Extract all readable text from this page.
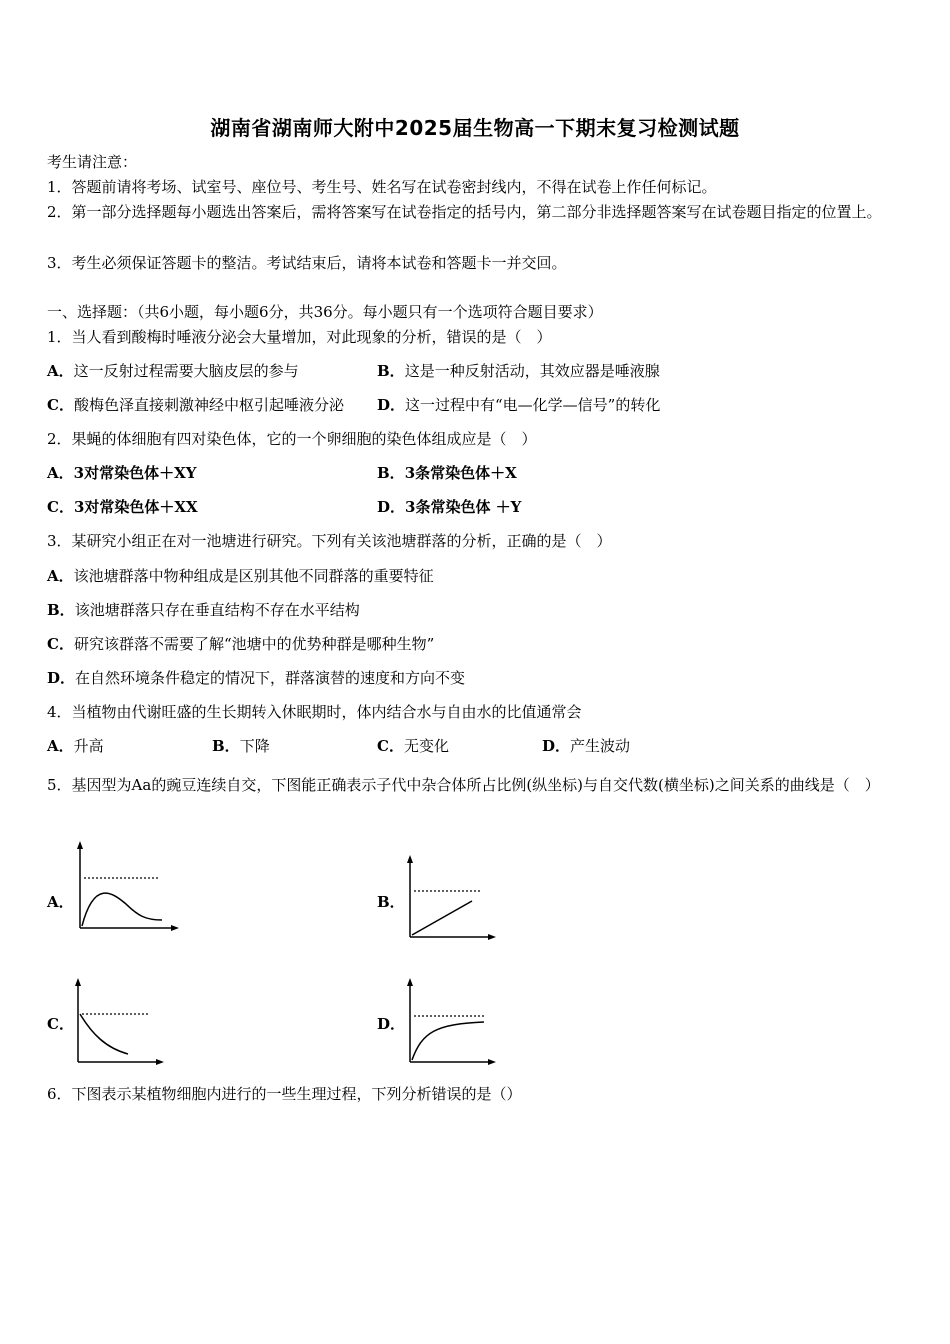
湖南省湖南师大附中2025届生物高一下期末复习检测试题
考生请注意：
1．答题前请将考场、试室号、座位号、考生号、姓名写在试卷密封线内，不得在试卷上作任何标记。
2．第一部分选择题每小题选出答案后，需将答案写在试卷指定的括号内，第二部分非选择题答案写在试卷题目指定的位置上。
3．考生必须保证答题卡的整洁。考试结束后，请将本试卷和答题卡一并交回。
一、选择题：（共6小题，每小题6分，共36分。每小题只有一个选项符合题目要求）
1．当人看到酸梅时唾液分泌会大量增加，对此现象的分析，错误的是（　）
A．这一反射过程需要大脑皮层的参与	B．这是一种反射活动，其效应器是唾液腺
C．酸梅色泽直接刺激神经中枢引起唾液分泌 D．这一过程中有“电—化学—信号”的转化
2．果蝇的体细胞有四对染色体，它的一个卵细胞的染色体组成应是（　）
A．3对常染色体＋XY	B．3条常染色体＋X
C．3对常染色体＋XX	D．3条常染色体 ＋Y
3．某研究小组正在对一池塘进行研究。下列有关该池塘群落的分析，正确的是（　）
A．该池塘群落中物种组成是区别其他不同群落的重要特征
B．该池塘群落只存在垂直结构不存在水平结构
C．研究该群落不需要了解“池塘中的优势种群是哪种生物”
D．在自然环境条件稳定的情况下，群落演替的速度和方向不变
4．当植物由代谢旺盛的生长期转入休眠期时，体内结合水与自由水的比值通常会
A．升高	B．下降	C．无变化	D．产生波动
5．基因型为Aa的豌豆连续自交，下图能正确表示子代中杂合体所占比例(纵坐标)与自交代数(横坐标)之间关系的曲线是（　）
A．	B．
C．	D．
6．下图表示某植物细胞内进行的一些生理过程，下列分析错误的是（）
